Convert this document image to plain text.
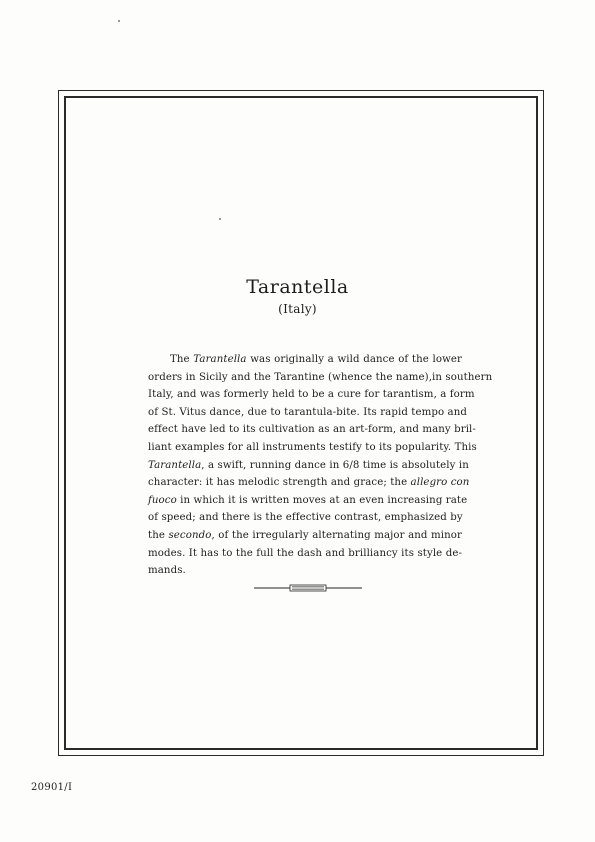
Tarantella
(Italy)
The Tarantella was originally a wild dance of the lower
orders in Sicily and the Tarantine (whence the name),in southern
Italy, and was formerly held to be a cure for tarantism, a form
of St. Vitus dance, due to tarantula-bite. Its rapid tempo and
effect have led to its cultivation as an art-form, and many bril-
liant examples for all instruments testify to its popularity. This
Tarantella, a swift, running dance in 6/8 time is absolutely in
character: it has melodic strength and grace; the allegro con
fuoco in which it is written moves at an even increasing rate
of speed; and there is the effective contrast, emphasized by
the secondo, of the irregularly alternating major and minor
modes. It has to the full the dash and brilliancy its style de-
mands.
20901/I
